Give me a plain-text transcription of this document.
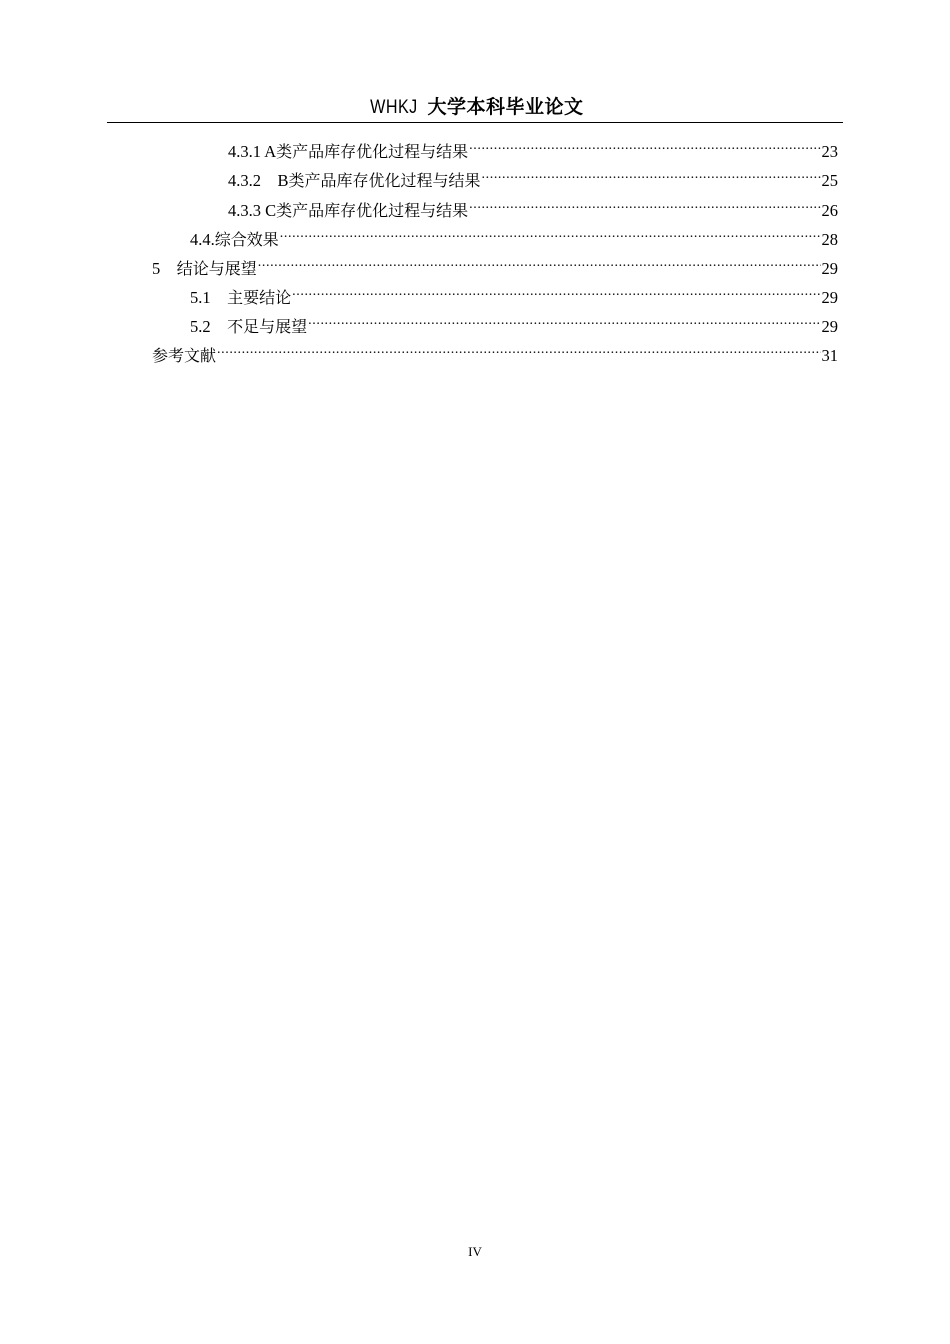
WHKJ 大学本科毕业论文
4.3.1 A 类产品库存优化过程与结果 .....	23
4.3.2　B 类产品库存优化过程与结果 .....	25
4.3.3 C 类产品库存优化过程与结果 .....	26
4.4. 综合效果 .....	28
5　 结论与展望 .....	29
5.1　 主要结论 .....	29
5.2　 不足与展望 .....	29
参考文献 .....	31
IV
